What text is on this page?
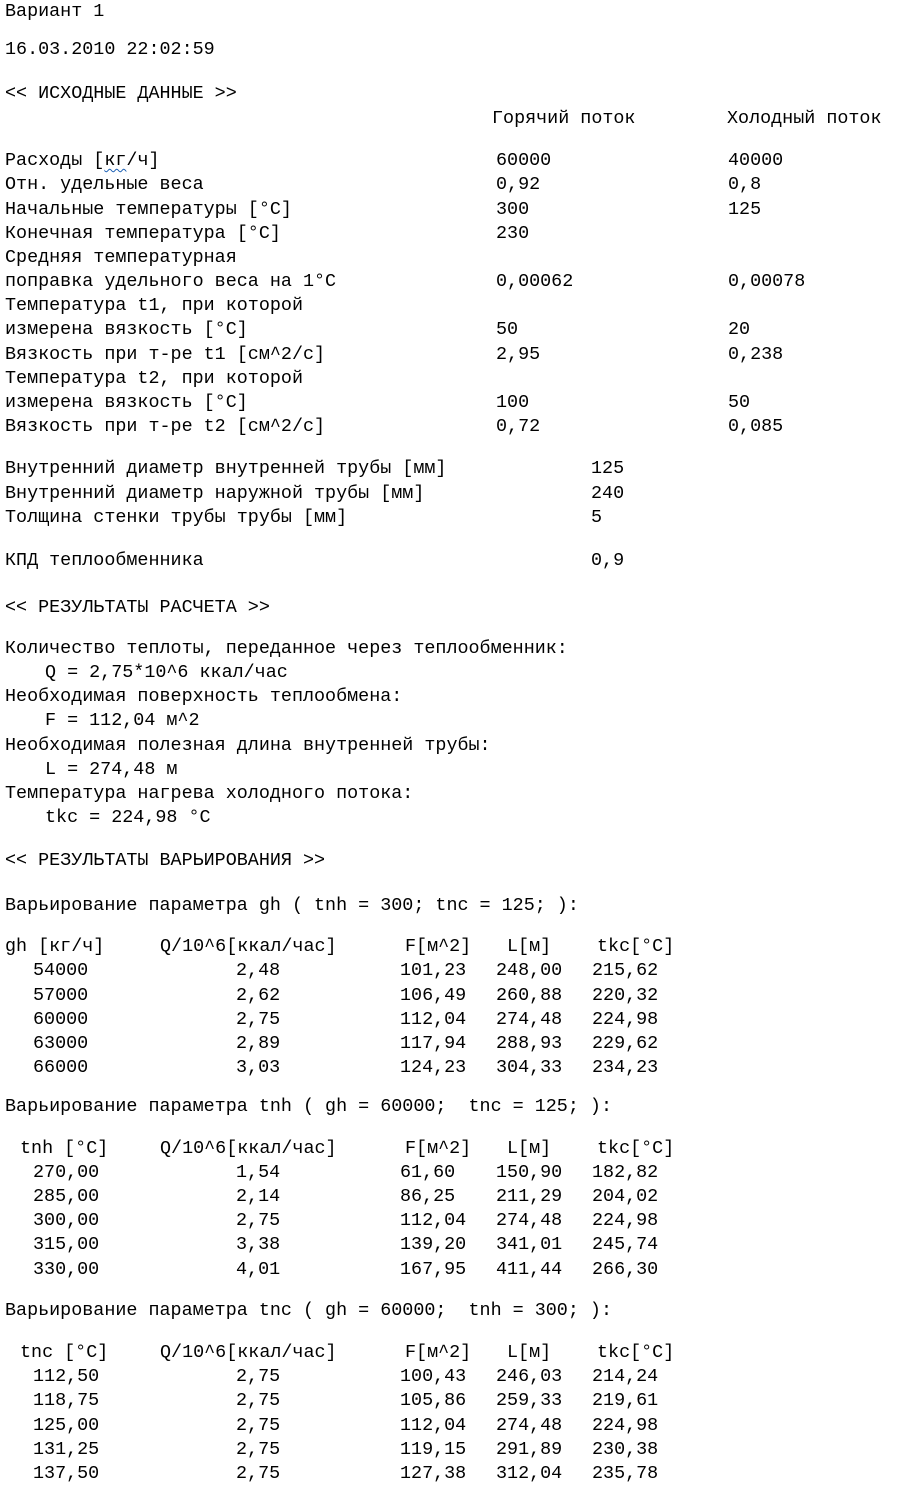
Вариант 1
16.03.2010 22:02:59
<< ИСХОДНЫЕ ДАННЫЕ >>
Горячий поток	Холодный поток
Расходы [кг/ч]	60000	40000
Отн. удельные веса	0,92	0,8
Начальные температуры [°C]	300	125
Конечная температура [°C]	230
Средняя температурная
поправка удельного веса на 1°C	0,00062	0,00078
Температура t1, при которой
измерена вязкость [°C]	50	20
Вязкость при т-ре t1 [см^2/с]	2,95	0,238
Температура t2, при которой
измерена вязкость [°C]	100	50
Вязкость при т-ре t2 [см^2/с]	0,72	0,085
Внутренний диаметр внутренней трубы [мм]	125
Внутренний диаметр наружной трубы [мм]	240
Толщина стенки трубы трубы [мм]	5
КПД теплообменника	0,9
<< РЕЗУЛЬТАТЫ РАСЧЕТА >>
Количество теплоты, переданное через теплообменник:
Q = 2,75*10^6 ккал/час
Необходимая поверхность теплообмена:
F = 112,04 м^2
Необходимая полезная длина внутренней трубы:
L = 274,48 м
Температура нагрева холодного потока:
tkc = 224,98 °C
<< РЕЗУЛЬТАТЫ ВАРЬИРОВАНИЯ >>
Варьирование параметра gh ( tnh = 300; tnc = 125; ):
gh [кг/ч]	Q/10^6[ккал/час]	F[м^2] L[м] tkc[°C]
54000	2,48	101,23 248,00 215,62
57000	2,62	106,49 260,88 220,32
60000	2,75	112,04 274,48 224,98
63000	2,89	117,94 288,93 229,62
66000	3,03	124,23 304,33 234,23
Варьирование параметра tnh ( gh = 60000;  tnc = 125; ):
tnh [°C]	Q/10^6[ккал/час]	F[м^2] L[м] tkc[°C]
270,00	1,54	61,60 150,90 182,82
285,00	2,14	86,25 211,29 204,02
300,00	2,75	112,04 274,48 224,98
315,00	3,38	139,20 341,01 245,74
330,00	4,01	167,95 411,44 266,30
Варьирование параметра tnc ( gh = 60000;  tnh = 300; ):
tnc [°C]	Q/10^6[ккал/час]	F[м^2] L[м] tkc[°C]
112,50	2,75	100,43 246,03 214,24
118,75	2,75	105,86 259,33 219,61
125,00	2,75	112,04 274,48 224,98
131,25	2,75	119,15 291,89 230,38
137,50	2,75	127,38 312,04 235,78
